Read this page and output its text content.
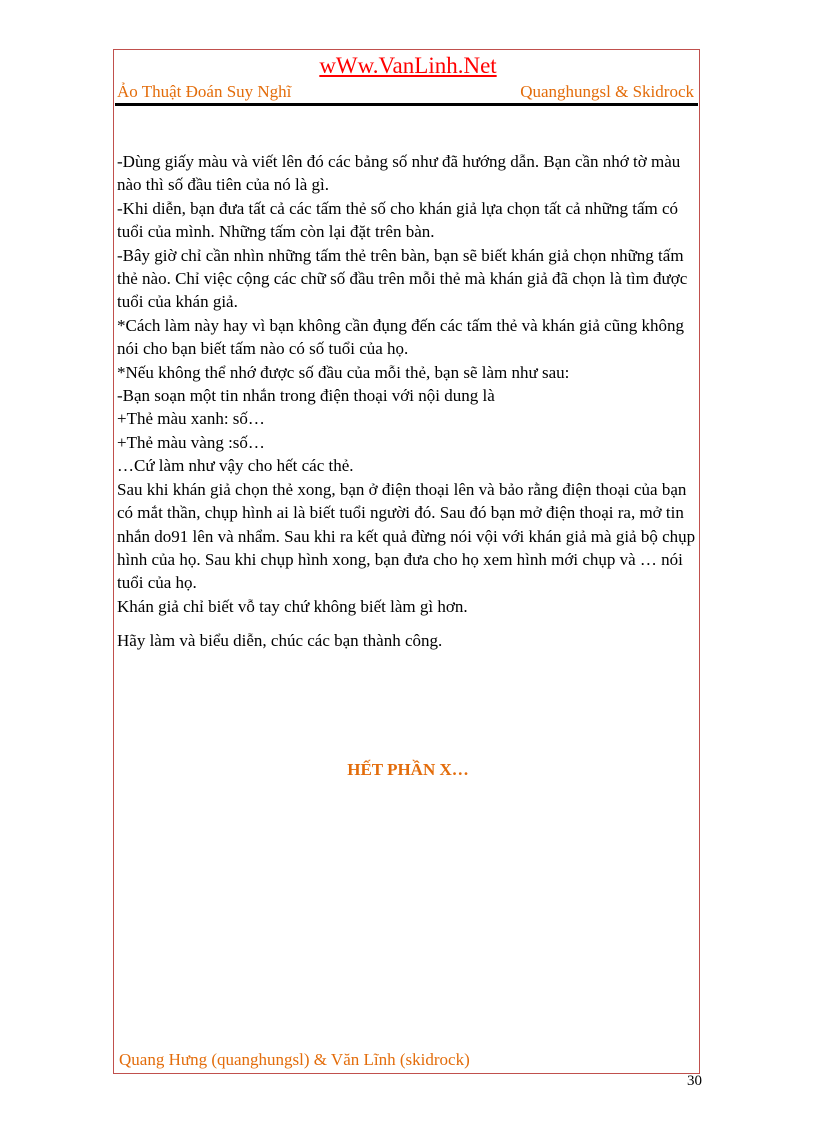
wWw.VanLinh.Net
Ảo Thuật Đoán Suy Nghĩ	Quanghungsl & Skidrock

-Dùng giấy màu và viết lên đó các bảng số như đã hướng dẫn. Bạn cần nhớ tờ màu nào thì số đầu tiên của nó là gì.

-Khi diễn, bạn đưa tất cả các tấm thẻ số cho khán giả lựa chọn tất cả những tấm có tuổi của mình. Những tấm còn lại đặt trên bàn.

-Bây giờ chỉ cần nhìn những tấm thẻ trên bàn, bạn sẽ biết khán giả chọn những tấm thẻ nào. Chỉ việc cộng các chữ số đầu trên mỗi thẻ mà khán giả đã chọn là tìm được tuổi của khán giả.

*Cách làm này hay vì bạn không cần đụng đến các tấm thẻ và khán giả cũng không nói cho bạn biết tấm nào có số tuổi của họ.

*Nếu không thể nhớ được số đầu của mỗi thẻ, bạn sẽ làm như sau:

-Bạn soạn một tin nhắn trong điện thoại với nội dung là

+Thẻ màu xanh: số…

+Thẻ màu vàng :số…

…Cứ làm như vậy cho hết các thẻ.

Sau khi khán giả chọn thẻ xong, bạn ở điện thoại lên và bảo rằng điện thoại của bạn có mắt thần, chụp hình ai là biết tuổi người đó. Sau đó bạn mở điện thoại ra, mở tin nhắn do91 lên và nhẩm. Sau khi ra kết quả đừng nói vội với khán giả mà giả bộ chụp hình của họ. Sau khi chụp hình xong, bạn đưa cho họ xem hình mới chụp và … nói tuổi của họ.

Khán giả chỉ biết vỗ tay chứ không biết làm gì hơn.

Hãy làm và biểu diễn, chúc các bạn thành công.
HẾT PHẦN X…
Quang Hưng (quanghungsl) & Văn Lĩnh (skidrock)
30
